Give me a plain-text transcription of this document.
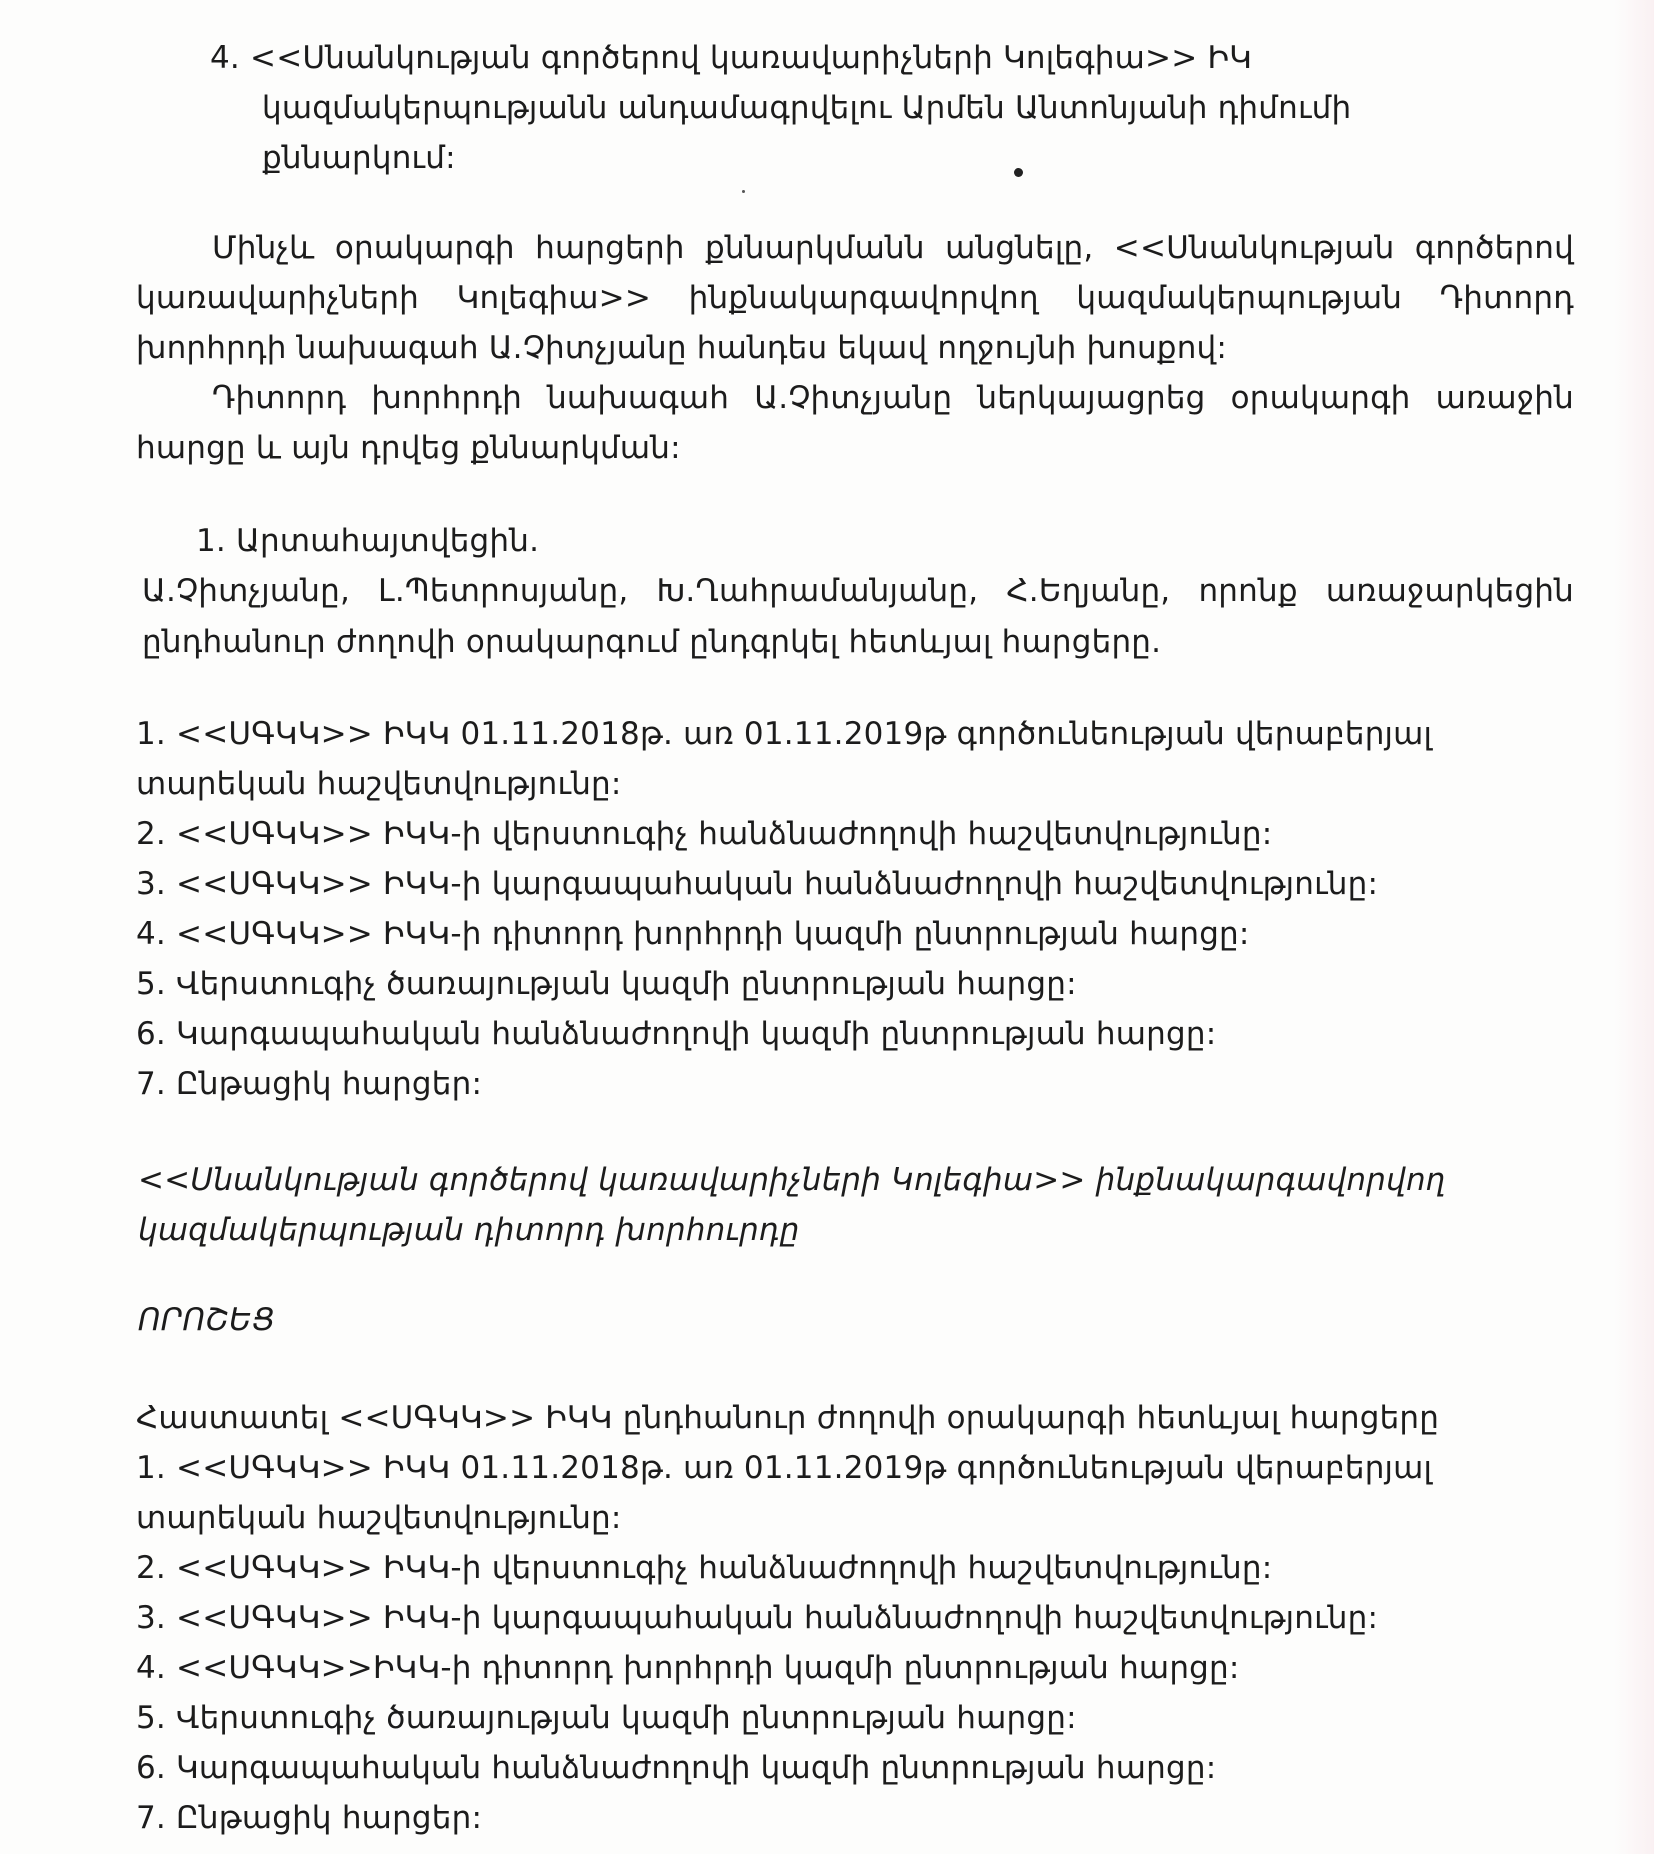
4. <<Սնանկության գործերով կառավարիչների Կոլեգիա>> ԻԿ
կազմակերպությանն անդամագրվելու Արմեն Անտոնյանի դիմումի
քննարկում:
Մինչև օրակարգի հարցերի քննարկմանն անցնելը, <<Սնանկության գործերով
կառավարիչների Կոլեգիա>> ինքնակարգավորվող կազմակերպության Դիտորդ
խորհրդի նախագահ Ա.Չիտչյանը հանդես եկավ ողջույնի խոսքով:
Դիտորդ խորհրդի նախագահ Ա.Չիտչյանը ներկայացրեց օրակարգի առաջին
հարցը և այն դրվեց քննարկման:
1. Արտահայտվեցին.
Ա.Չիտչյանը, Լ.Պետրոսյանը, Խ.Ղահրամանյանը, Հ.Եղյանը, որոնք առաջարկեցին
ընդհանուր ժողովի օրակարգում ընդգրկել հետևյալ հարցերը.
1. <<ՍԳԿԿ>> ԻԿԿ 01.11.2018թ. առ 01.11.2019թ գործունեության վերաբերյալ
տարեկան հաշվետվությունը:
2. <<ՍԳԿԿ>> ԻԿԿ-ի վերստուգիչ հանձնաժողովի հաշվետվությունը:
3. <<ՍԳԿԿ>> ԻԿԿ-ի կարգապահական հանձնաժողովի հաշվետվությունը:
4. <<ՍԳԿԿ>> ԻԿԿ-ի դիտորդ խորհրդի կազմի ընտրության հարցը:
5. Վերստուգիչ ծառայության կազմի ընտրության հարցը:
6. Կարգապահական հանձնաժողովի կազմի ընտրության հարցը:
7. Ընթացիկ հարցեր:
<<Սնանկության գործերով կառավարիչների Կոլեգիա>> ինքնակարգավորվող
կազմակերպության դիտորդ խորհուրդը
ՈՐՈՇԵՑ
Հաստատել <<ՍԳԿԿ>> ԻԿԿ ընդհանուր ժողովի օրակարգի հետևյալ հարցերը
1. <<ՍԳԿԿ>> ԻԿԿ 01.11.2018թ. առ 01.11.2019թ գործունեության վերաբերյալ
տարեկան հաշվետվությունը:
2. <<ՍԳԿԿ>> ԻԿԿ-ի վերստուգիչ հանձնաժողովի հաշվետվությունը:
3. <<ՍԳԿԿ>> ԻԿԿ-ի կարգապահական հանձնաժողովի հաշվետվությունը:
4. <<ՍԳԿԿ>>ԻԿԿ-ի դիտորդ խորհրդի կազմի ընտրության հարցը:
5. Վերստուգիչ ծառայության կազմի ընտրության հարցը:
6. Կարգապահական հանձնաժողովի կազմի ընտրության հարցը:
7. Ընթացիկ հարցեր:
